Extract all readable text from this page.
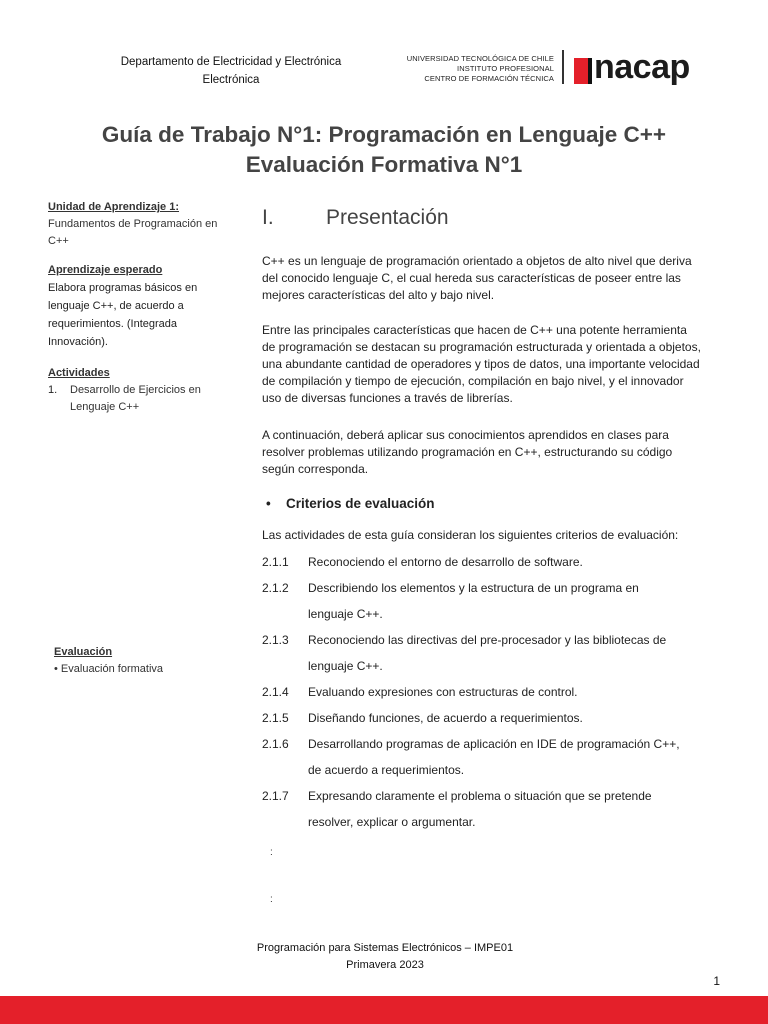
Departamento de Electricidad y Electrónica
Electrónica
UNIVERSIDAD TECNOLÓGICA DE CHILE
INSTITUTO PROFESIONAL
CENTRO DE FORMACIÓN TÉCNICA nacap
Guía de Trabajo N°1: Programación en Lenguaje C++
Evaluación Formativa N°1
Unidad de Aprendizaje 1:
Fundamentos de Programación en C++
Aprendizaje esperado
Elabora programas básicos en lenguaje C++, de acuerdo a requerimientos. (Integrada Innovación).
Actividades
1.	Desarrollo de Ejercicios en Lenguaje C++
Evaluación
• Evaluación formativa
I. Presentación

C++ es un lenguaje de programación orientado a objetos de alto nivel que deriva del conocido lenguaje C, el cual hereda sus características de poseer entre las mejores características del alto y bajo nivel.

Entre las principales características que hacen de C++ una potente herramienta de programación se destacan su programación estructurada y orientada a objetos, una abundante cantidad de operadores y tipos de datos, una importante velocidad de compilación y tiempo de ejecución, compilación en bajo nivel, y el innovador uso de diversas funciones a través de librerías.

A continuación, deberá aplicar sus conocimientos aprendidos en clases para resolver problemas utilizando programación en C++, estructurando su código según corresponda.

• Criterios de evaluación
Las actividades de esta guía consideran los siguientes criterios de evaluación:
2.1.1	Reconociendo el entorno de desarrollo de software.
2.1.2	Describiendo los elementos y la estructura de un programa en
lenguaje C++.
2.1.3	Reconociendo las directivas del pre-procesador y las bibliotecas de
lenguaje C++.
2.1.4	Evaluando expresiones con estructuras de control.
2.1.5	Diseñando funciones, de acuerdo a requerimientos.
2.1.6	Desarrollando programas de aplicación en IDE de programación C++,
de acuerdo a requerimientos.
2.1.7	Expresando claramente el problema o situación que se pretende
resolver, explicar o argumentar.
:
:
Programación para Sistemas Electrónicos – IMPE01
Primavera 2023
1
